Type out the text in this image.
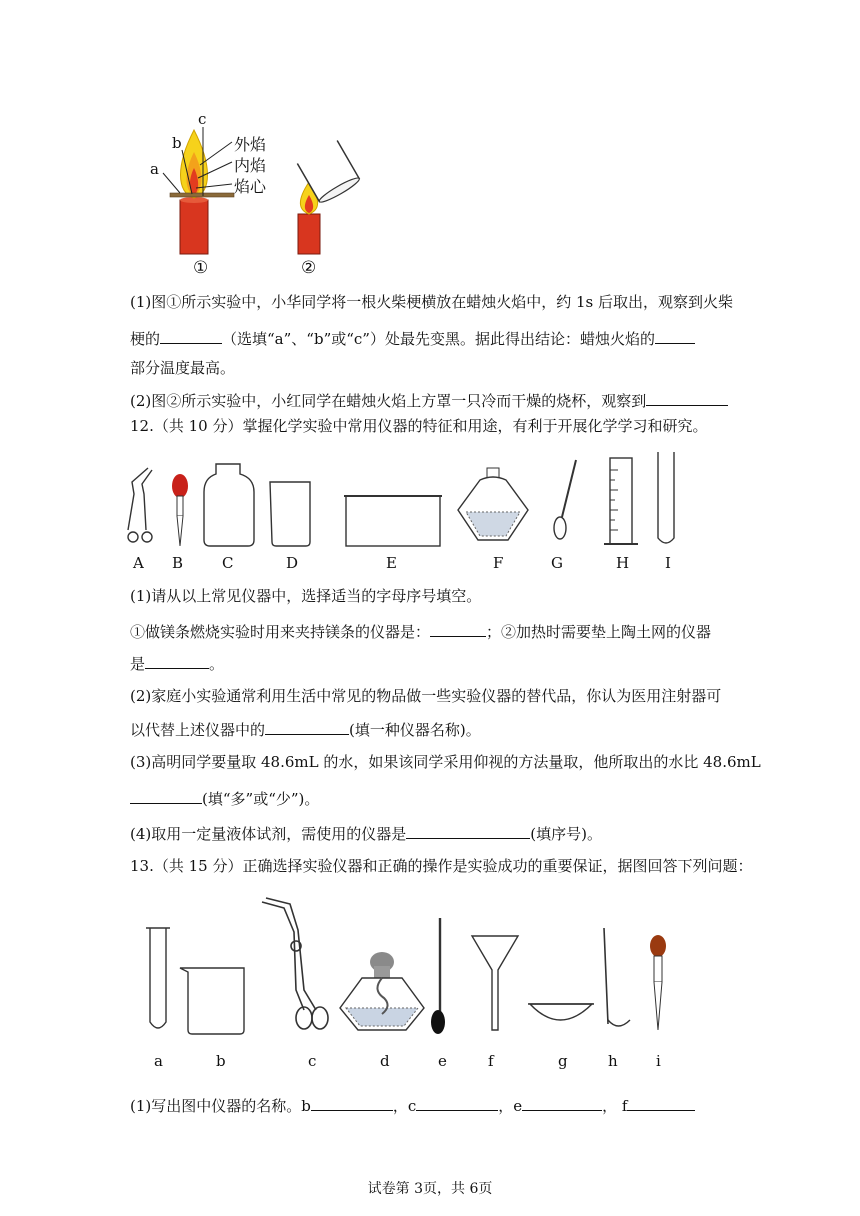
a
b
c
外焰
内焰
焰心
①	②
(1)图①所示实验中，小华同学将一根火柴梗横放在蜡烛火焰中，约 1s 后取出，观察到火柴
梗的	（选填“a”、“b”或“c”）处最先变黑。据此得出结论：蜡烛火焰的
部分温度最高。
(2)图②所示实验中，小红同学在蜡烛火焰上方罩一只冷而干燥的烧杯，观察到
12.（共 10 分）掌握化学实验中常用仪器的特征和用途，有利于开展化学学习和研究。
A B	C	D	E	F	G	H I
(1)请从以上常见仪器中，选择适当的字母序号填空。
①做镁条燃烧实验时用来夹持镁条的仪器是：	；②加热时需要垫上陶土网的仪器
是	。
(2)家庭小实验通常利用生活中常见的物品做一些实验仪器的替代品，你认为医用注射器可
以代替上述仪器中的	(填一种仪器名称)。
(3)高明同学要量取 48.6mL 的水，如果该同学采用仰视的方法量取，他所取出的水比 48.6mL
(填“多”或“少”)。
(4)取用一定量液体试剂，需使用的仪器是	(填序号)。
13.（共 15 分）正确选择实验仪器和正确的操作是实验成功的重要保证，据图回答下列问题：
a	b	c	d	e	f	g	h	i
(1)写出图中仪器的名称。b	，c	，e	， f
试卷第 3页，共 6页
